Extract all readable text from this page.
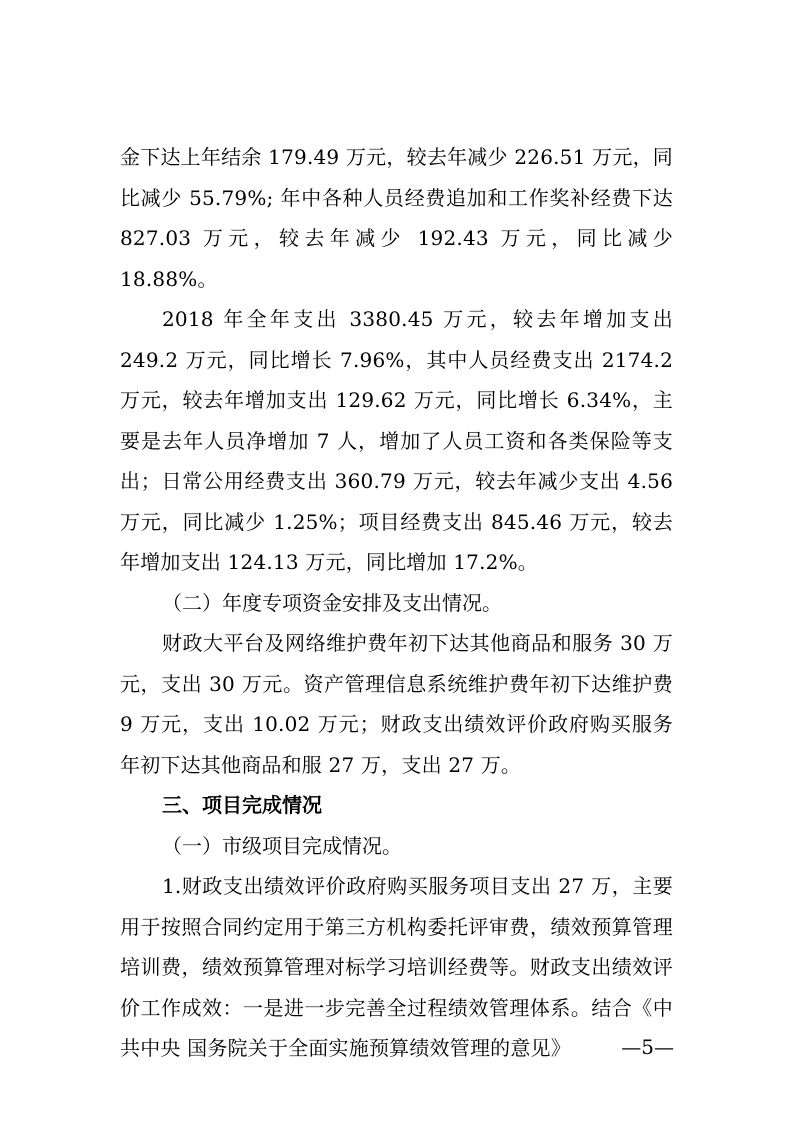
金下达上年结余 179.49 万元，较去年减少 226.51 万元，同比减少 55.79%; 年中各种人员经费追加和工作奖补经费下达 827.03 万元，较去年减少 192.43 万元，同比减少 18.88%。

2018 年全年支出 3380.45 万元，较去年增加支出 249.2 万元，同比增长 7.96%，其中人员经费支出 2174.2 万元，较去年增加支出 129.62 万元，同比增长 6.34%，主要是去年人员净增加 7 人，增加了人员工资和各类保险等支出；日常公用经费支出 360.79 万元，较去年减少支出 4.56 万元，同比减少 1.25%；项目经费支出 845.46 万元，较去年增加支出 124.13 万元，同比增加 17.2%。

（二）年度专项资金安排及支出情况。

财政大平台及网络维护费年初下达其他商品和服务 30 万元，支出 30 万元。资产管理信息系统维护费年初下达维护费 9 万元，支出 10.02 万元；财政支出绩效评价政府购买服务年初下达其他商品和服 27 万，支出 27 万。

三、项目完成情况

（一）市级项目完成情况。

1.财政支出绩效评价政府购买服务项目支出 27 万，主要用于按照合同约定用于第三方机构委托评审费，绩效预算管理培训费，绩效预算管理对标学习培训经费等。财政支出绩效评价工作成效：一是进一步完善全过程绩效管理体系。结合《中共中央 国务院关于全面实施预算绩效管理的意见》	—5—
